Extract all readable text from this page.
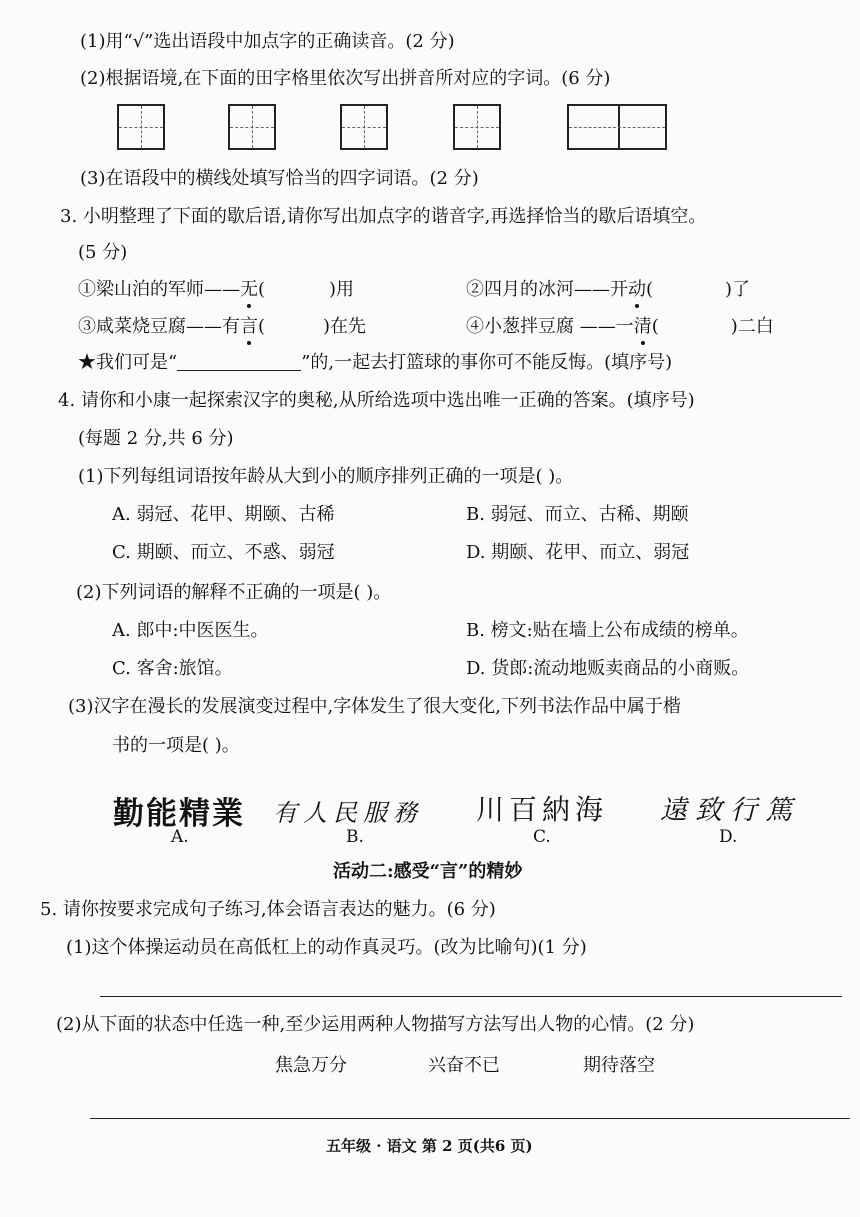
(1)用“√”选出语段中加点字的正确读音。(2 分)
(2)根据语境,在下面的田字格里依次写出拼音所对应的字词。(6 分)
(3)在语段中的横线处填写恰当的四字词语。(2 分)
3. 小明整理了下面的歇后语,请你写出加点字的谐音字,再选择恰当的歇后语填空。
(5 分)
①梁山泊的军师——无(	)用	②四月的冰河——开动(	)了
③咸菜烧豆腐——有言(	)在先	④小葱拌豆腐 ——一清(	)二白
★我们可是“	”的,一起去打篮球的事你可不能反悔。(填序号)
4. 请你和小康一起探索汉字的奥秘,从所给选项中选出唯一正确的答案。(填序号)
(每题 2 分,共 6 分)
(1)下列每组词语按年龄从大到小的顺序排列正确的一项是( )。
A. 弱冠、花甲、期颐、古稀	B. 弱冠、而立、古稀、期颐
C. 期颐、而立、不惑、弱冠	D. 期颐、花甲、而立、弱冠
(2)下列词语的解释不正确的一项是( )。
A. 郎中:中医医生。	B. 榜文:贴在墙上公布成绩的榜单。
C. 客舍:旅馆。	D. 货郎:流动地贩卖商品的小商贩。
(3)汉字在漫长的发展演变过程中,字体发生了很大变化,下列书法作品中属于楷
书的一项是( )。
勤能精業 有人民服務 川百納海 遠致行篤
A.	B.	C.	D.
活动二:感受“言”的精妙
5. 请你按要求完成句子练习,体会语言表达的魅力。(6 分)
(1)这个体操运动员在高低杠上的动作真灵巧。(改为比喻句)(1 分)
(2)从下面的状态中任选一种,至少运用两种人物描写方法写出人物的心情。(2 分)
焦急万分	兴奋不已	期待落空
五年级 · 语文 第 2 页(共6 页)
